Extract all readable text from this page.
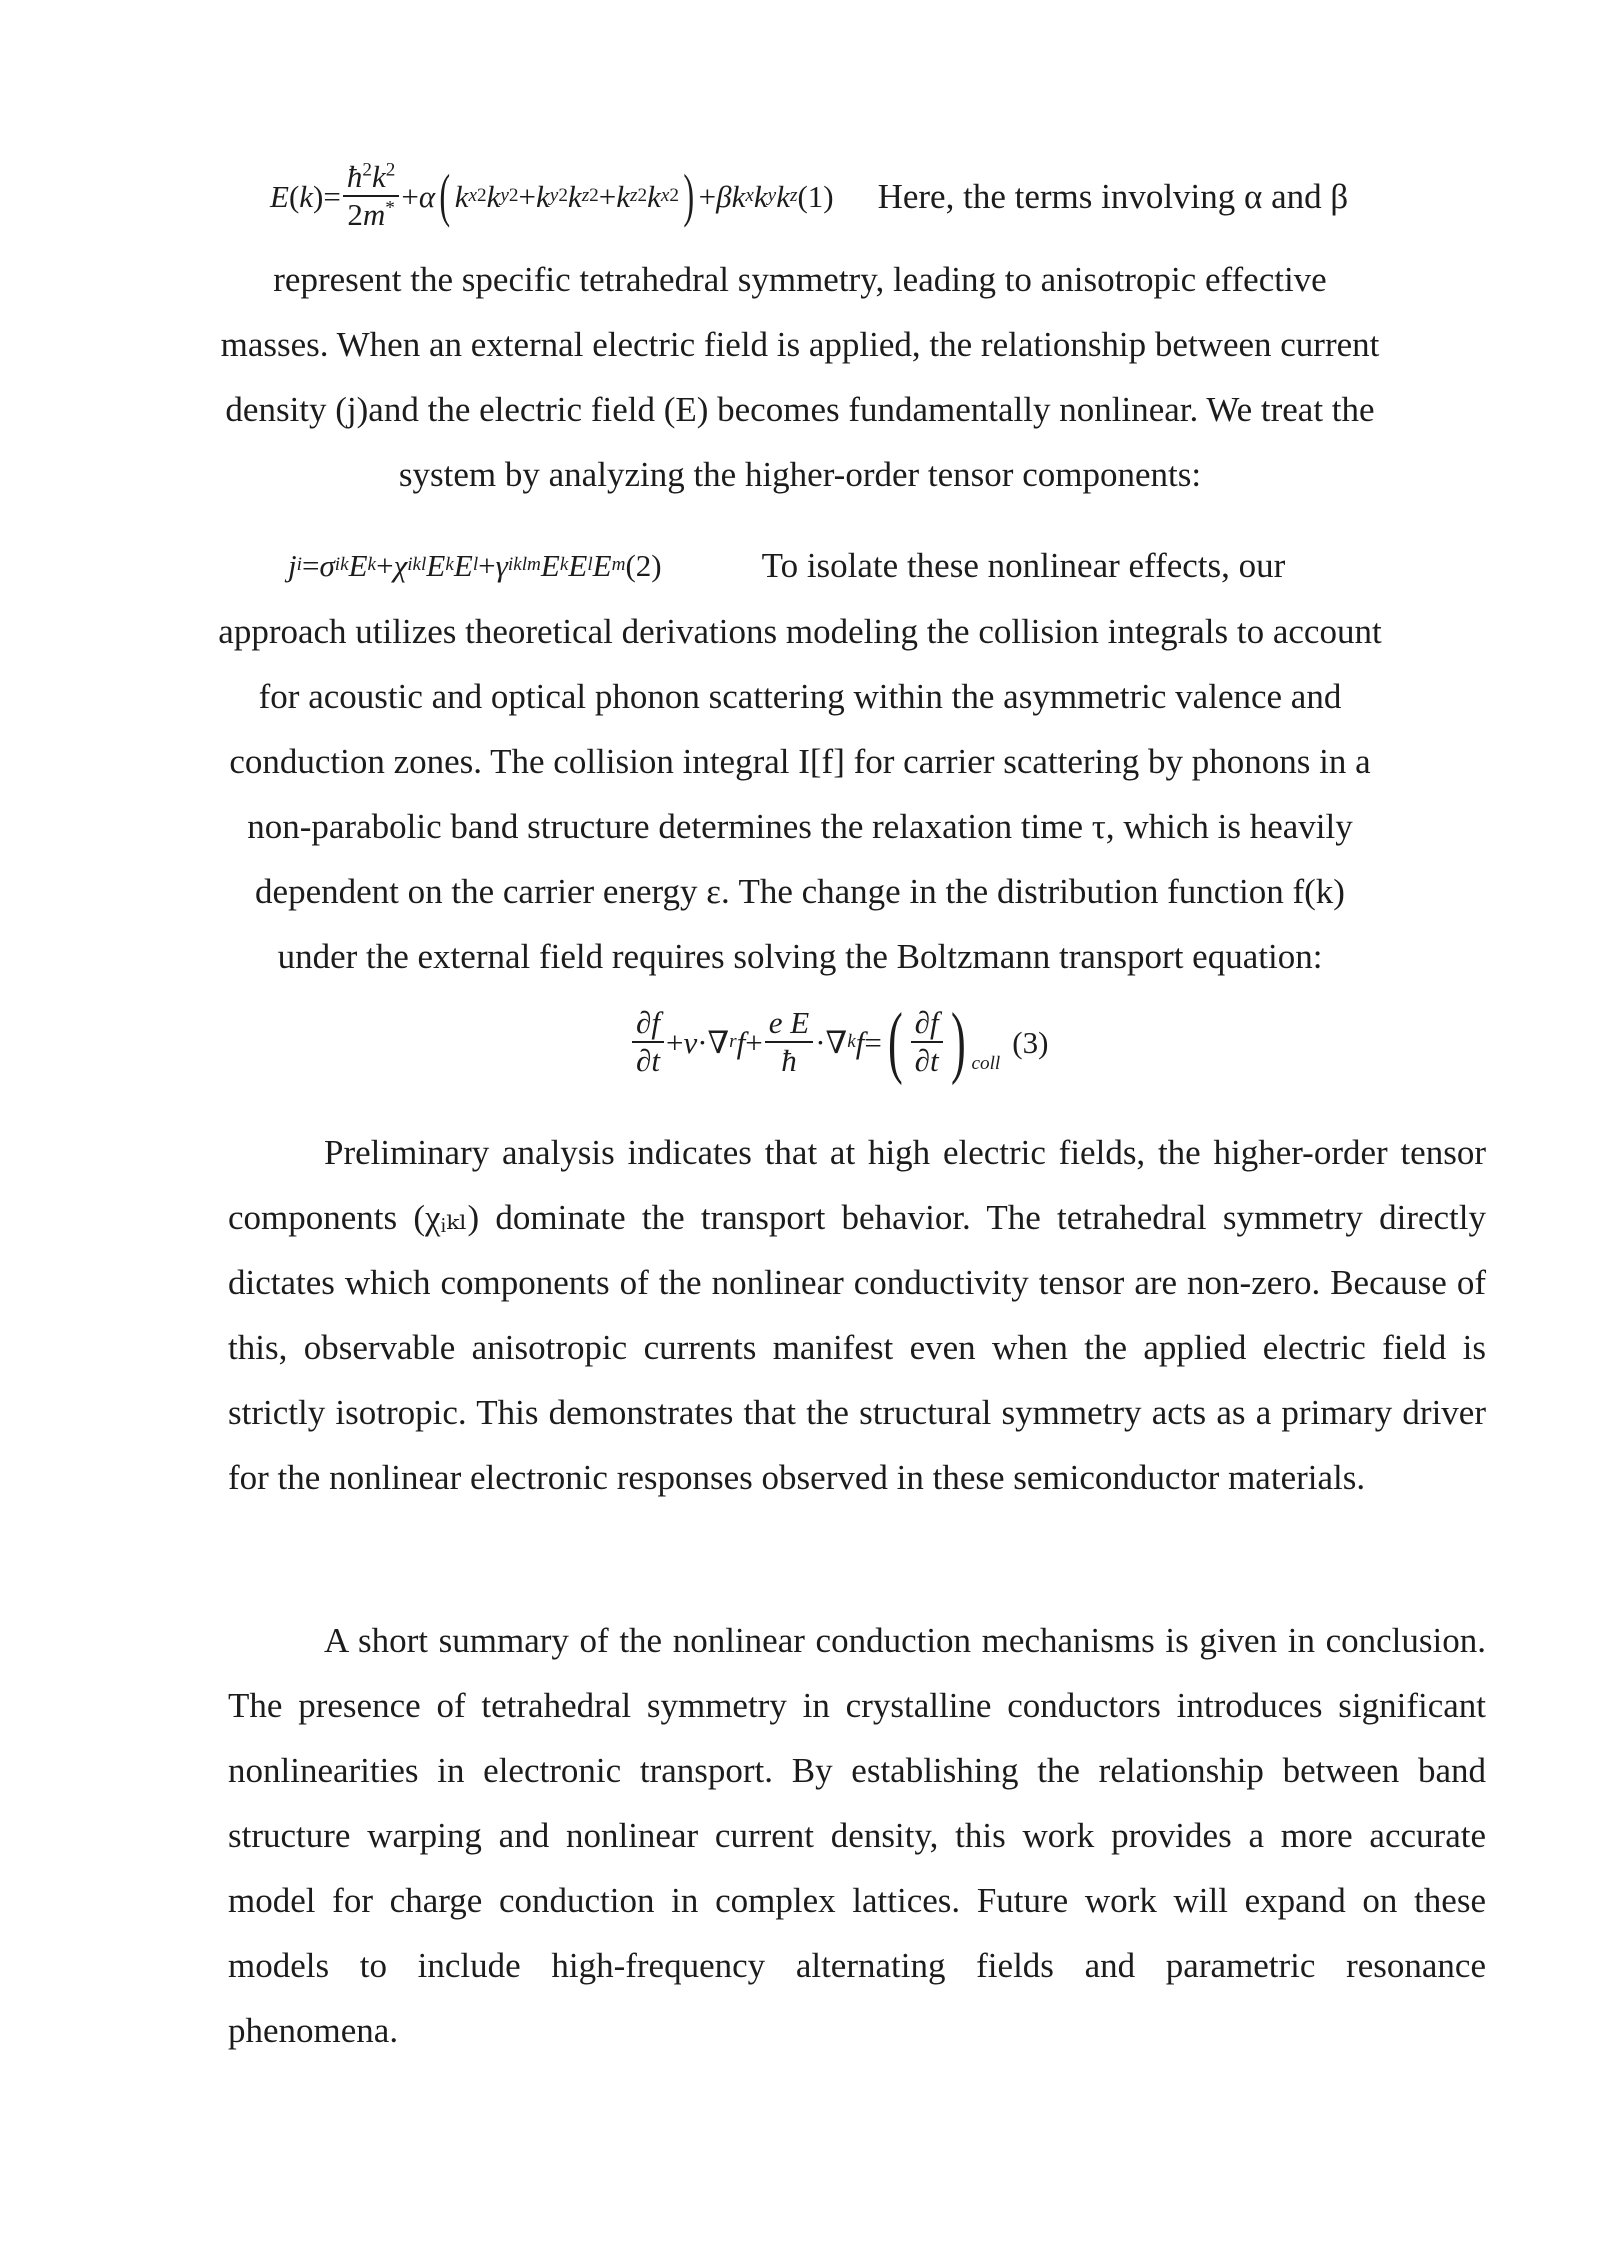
E ( k )= $\frac{ħ^2k^2}{2m^*} + \alpha$ ( k x 2 k y 2 + k y 2 k z 2 + k z 2 k x 2 ) + β k x k y k z (1) Here, the terms involving α and β
represent the specific tetrahedral symmetry, leading to anisotropic effective
masses. When an external electric field is applied, the relationship between current
density (j)and the electric field (E) becomes fundamentally nonlinear. We treat the
system by analyzing the higher-order tensor components:
j i = σ ik E k + χ ikl E k E l + γ iklm E k E l E m (2)	To isolate these nonlinear effects, our
approach utilizes theoretical derivations modeling the collision integrals to account
for acoustic and optical phonon scattering within the asymmetric valence and
conduction zones. The collision integral I[f] for carrier scattering by phonons in a
non-parabolic band structure determines the relaxation time τ, which is heavily
dependent on the carrier energy ε. The change in the distribution function f(k)
under the external field requires solving the Boltzmann transport equation:
$\frac{\partial f}{\partial t} + v$ ·∇ r $f + \frac{\text{e E}}{ħ}$ ·∇ k f = ( $\frac{\partial f}{\partial t}$ ) $_{coll}$
(3)
Preliminary analysis indicates that at high electric fields, the higher-order tensor components (χᵢₖₗ) dominate the transport behavior. The tetrahedral symmetry directly dictates which components of the nonlinear conductivity tensor are non-zero. Because of this, observable anisotropic currents manifest even when the applied electric field is strictly isotropic. This demonstrates that the structural symmetry acts as a primary driver for the nonlinear electronic responses observed in these semiconductor materials.
A short summary of the nonlinear conduction mechanisms is given in conclusion. The presence of tetrahedral symmetry in crystalline conductors introduces significant nonlinearities in electronic transport. By establishing the relationship between band structure warping and nonlinear current density, this work provides a more accurate model for charge conduction in complex lattices. Future work will expand on these models to include high-frequency alternating fields and parametric resonance phenomena.
